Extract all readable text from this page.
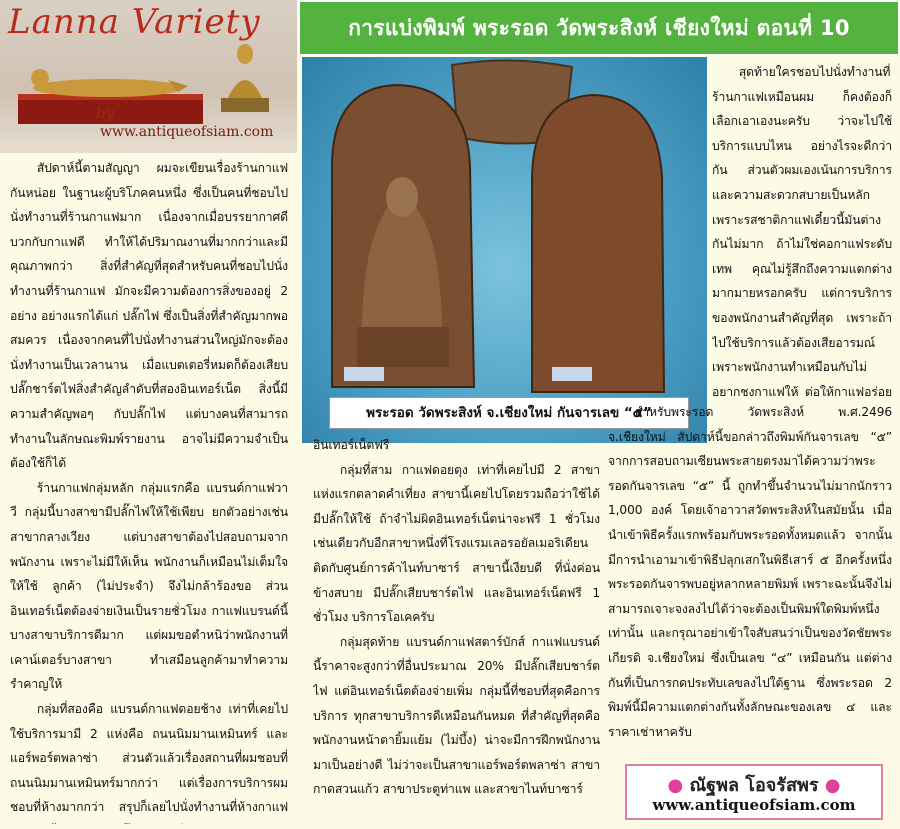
Lanna Variety
by
www.antiqueofsiam.com
การแบ่งพิมพ์ พระรอด วัดพระสิงห์ เชียงใหม่ ตอนที่ 10
พระรอด วัดพระสิงห์ จ.เชียงใหม่ กันจารเลข “๕”

สัปดาห์นี้ตามสัญญา ผมจะเขียนเรื่องร้านกาแฟกันหน่อย ในฐานะผู้บริโภคคนหนึ่ง ซึ่งเป็นคนที่ชอบไปนั่งทำงานที่ร้านกาแฟมาก เนื่องจากเมื่อบรรยากาศดี บวกกับกาแฟดี ทำให้ได้ปริมาณงานที่มากกว่าและมีคุณภาพกว่า สิ่งที่สำคัญที่สุดสำหรับคนที่ชอบไปนั่งทำงานที่ร้านกาแฟ มักจะมีความต้องการสิ่งของอยู่ 2 อย่าง อย่างแรกได้แก่ ปลั๊กไฟ ซึ่งเป็นสิ่งที่สำคัญมากพอสมควร เนื่องจากคนที่ไปนั่งทำงานส่วนใหญ่มักจะต้องนั่งทำงานเป็นเวลานาน เมื่อแบตเตอรี่หมดก็ต้องเสียบปลั๊กชาร์ตไฟสิ่งสำคัญลำดับที่สองอินเทอร์เน็ต สิ่งนี้มีความสำคัญพอๆ กับปลั๊กไฟ แต่บางคนที่สามารถทำงานในลักษณะพิมพ์รายงาน อาจไม่มีความจำเป็นต้องใช้ก็ได้

ร้านกาแฟกลุ่มหลัก กลุ่มแรกคือ แบรนด์กาแฟวาวี กลุ่มนี้บางสาขามีปลั๊กไฟให้ใช้เพียบ ยกตัวอย่างเช่น สาขากลางเวียง แต่บางสาขาต้องไปสอบถามจากพนักงาน เพราะไม่มีให้เห็น พนักงานก็เหมือนไม่เต็มใจให้ใช้ ลูกค้า (ไม่ประจำ) จึงไม่กล้าร้องขอ ส่วนอินเทอร์เน็ตต้องจ่ายเงินเป็นรายชั่วโมง กาแฟแบรนด์นี้บางสาขาบริการดีมาก แต่ผมขอตำหนิว่าพนักงานที่เคาน์เตอร์บางสาขา ทำเสมือนลูกค้ามาทำความรำคาญให้

กลุ่มที่สองคือ แบรนด์กาแฟดอยช้าง เท่าที่เคยไปใช้บริการมามี 2 แห่งคือ ถนนนิมมานเหมินทร์ และแอร์พอร์ตพลาซ่า ส่วนตัวแล้วเรื่องสถานที่ผมชอบที่ถนนนิมมานเหมินทร์มากกว่า แต่เรื่องการบริการผมชอบที่ห้างมากกว่า สรุปก็เลยไปนั่งทำงานที่ห้างกาแฟ

อินเทอร์เน็ตฟรี

กลุ่มที่สาม กาแฟดอยตุง เท่าที่เคยไปมี 2 สาขา แห่งแรกตลาดคำเที่ยง สาขานี้เคยไปโดยรวมถือว่าใช้ได้ มีปลั๊กให้ใช้ ถ้าจำไม่ผิดอินเทอร์เน็ตน่าจะฟรี 1 ชั่วโมง เช่นเดียวกับอีกสาขาหนึ่งที่โรงแรมเลอรอยัลเมอริเดียน ติดกับศูนย์การค้าไนท์บาซาร์ สาขานี้เงียบดี ที่นั่งค่อนข้างสบาย มีปลั๊กเสียบชาร์ตไฟ และอินเทอร์เน็ตฟรี 1 ชั่วโมง บริการโอเคครับ

กลุ่มสุดท้าย แบรนด์กาแฟสตาร์บักส์ กาแฟแบรนด์นี้ราคาจะสูงกว่าที่อื่นประมาณ 20% มีปลั๊กเสียบชาร์ตไฟ แต่อินเทอร์เน็ตต้องจ่ายเพิ่ม กลุ่มนี้ที่ชอบที่สุดคือการบริการ ทุกสาขาบริการดีเหมือนกันหมด ที่สำคัญที่สุดคือ พนักงานหน้าตายิ้มแย้ม (ไม่บึ้ง) น่าจะมีการฝึกพนักงานมาเป็นอย่างดี ไม่ว่าจะเป็นสาขาแอร์พอร์ตพลาซ่า สาขากาดสวนแก้ว สาขาประตูท่าแพ และสาขาไนท์บาซาร์

สุดท้ายใครชอบไปนั่งทำงานที่ร้านกาแฟเหมือนผม ก็คงต้องก็เลือกเอาเองนะครับ ว่าจะไปใช้บริการแบบไหน อย่างไรจะดีกว่ากัน ส่วนตัวผมเองเน้นการบริการ และความสะดวกสบายเป็นหลัก เพราะรสชาติกาแฟเดี๋ยวนี้มันต่างกันไม่มาก ถ้าไม่ใช่คอกาแฟระดับเทพ คุณไม่รู้สึกถึงความแตกต่างมากมายหรอกครับ แต่การบริการของพนักงานสำคัญที่สุด เพราะถ้าไปใช้บริการแล้วต้องเสียอารมณ์ เพราะพนักงานทำเหมือนกับไม่อยากชงกาแฟให้ ต่อให้กาแฟอร่อย

สำหรับพระรอด วัดพระสิงห์ พ.ศ.2496 จ.เชียงใหม่ สัปดาห์นี้ขอกล่าวถึงพิมพ์กันจารเลข “๕” จากการสอบถามเซียนพระสายตรงมาได้ความว่าพระรอดกันจารเลข “๕” นี้ ถูกทำขึ้นจำนวนไม่มากนักราว 1,000 องค์ โดยเจ้าอาวาสวัดพระสิงห์ในสมัยนั้น เมื่อนำเข้าพิธีครั้งแรกพร้อมกับพระรอดทั้งหมดแล้ว จากนั้นมีการนำเอามาเข้าพิธีปลุกเสกในพิธีเสาร์ ๕ อีกครั้งหนึ่ง พระรอดกันจารพบอยู่หลากหลายพิมพ์ เพราะฉะนั้นจึงไม่สามารถเจาะจงลงไปได้ว่าจะต้องเป็นพิมพ์ใดพิมพ์หนึ่งเท่านั้น และกรุณาอย่าเข้าใจสับสนว่าเป็นของวัดชัยพระเกียรติ จ.เชียงใหม่ ซึ่งเป็นเลข “๔” เหมือนกัน แต่ต่างกันที่เป็นการกดประทับเลขลงไปใต้ฐาน ซึ่งพระรอด 2 พิมพ์นี้มีความแตกต่างกันทั้งลักษณะของเลข ๔ และราคาเช่าหาครับ

● ณัฐพล โอจรัสพร ●
www.antiqueofsiam.com
